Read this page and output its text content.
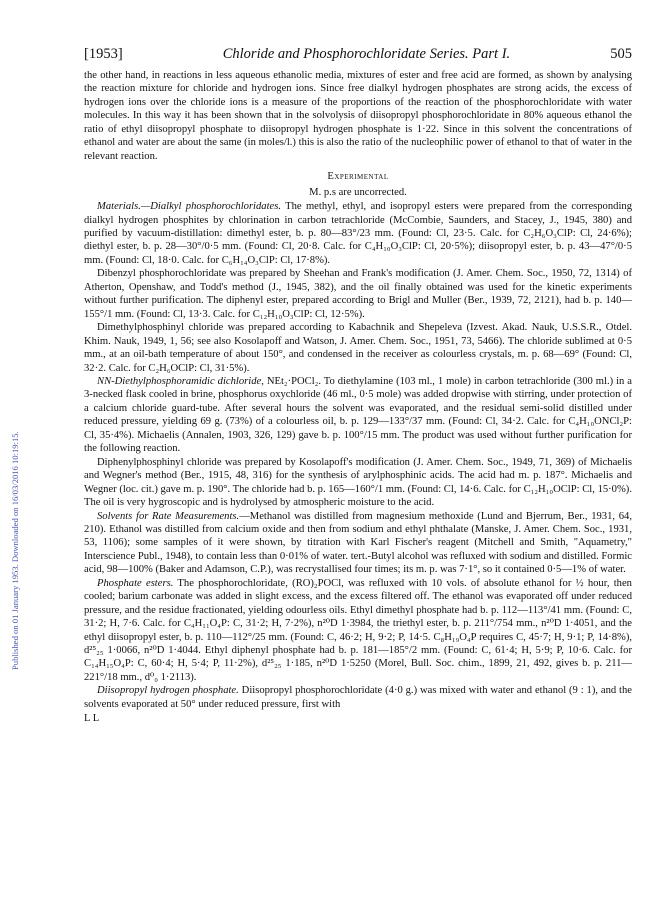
Published on 01 January 1953. Downloaded on 16/03/2016 10:19:15.
[1953]	Chloride and Phosphorochloridate Series. Part I.	505

the other hand, in reactions in less aqueous ethanolic media, mixtures of ester and free acid are formed, as shown by analysing the reaction mixture for chloride and hydrogen ions. Since free dialkyl hydrogen phosphates are strong acids, the excess of hydrogen ions over the chloride ions is a measure of the proportions of the reaction of the phosphorochloridate with water molecules. In this way it has been shown that in the solvolysis of diisopropyl phosphorochloridate in 80% aqueous ethanol the ratio of ethyl diisopropyl phosphate to diisopropyl hydrogen phosphate is 1·22. Since in this solvent the concentrations of ethanol and water are about the same (in moles/l.) this is also the ratio of the nucleophilic power of ethanol to that of water in the relevant reaction.

Experimental
M. p.s are uncorrected.

Materials.—Dialkyl phosphorochloridates. The methyl, ethyl, and isopropyl esters were prepared from the corresponding dialkyl hydrogen phosphites by chlorination in carbon tetrachloride (McCombie, Saunders, and Stacey, J., 1945, 380) and purified by vacuum-distillation: dimethyl ester, b. p. 80—83°/23 mm. (Found: Cl, 23·5. Calc. for C₂H₆O₃ClP: Cl, 24·6%); diethyl ester, b. p. 28—30°/0·5 mm. (Found: Cl, 20·8. Calc. for C₄H₁₀O₃ClP: Cl, 20·5%); diisopropyl ester, b. p. 43—47°/0·5 mm. (Found: Cl, 18·0. Calc. for C₆H₁₄O₃ClP: Cl, 17·8%).

Dibenzyl phosphorochloridate was prepared by Sheehan and Frank's modification (J. Amer. Chem. Soc., 1950, 72, 1314) of Atherton, Openshaw, and Todd's method (J., 1945, 382), and the oil finally obtained was used for the kinetic experiments without further purification. The diphenyl ester, prepared according to Brigl and Muller (Ber., 1939, 72, 2121), had b. p. 140—155°/1 mm. (Found: Cl, 13·3. Calc. for C₁₂H₁₀O₃ClP: Cl, 12·5%).

Dimethylphosphinyl chloride was prepared according to Kabachnik and Shepeleva (Izvest. Akad. Nauk, U.S.S.R., Otdel. Khim. Nauk, 1949, 1, 56; see also Kosolapoff and Watson, J. Amer. Chem. Soc., 1951, 73, 5466). The chloride sublimed at 0·5 mm., at an oil-bath temperature of about 150°, and condensed in the receiver as colourless crystals, m. p. 68—69° (Found: Cl, 32·2. Calc. for C₂H₆OClP: Cl, 31·5%).

NN-Diethylphosphoramidic dichloride, NEt₂·POCl₂. To diethylamine (103 ml., 1 mole) in carbon tetrachloride (300 ml.) in a 3-necked flask cooled in brine, phosphorus oxychloride (46 ml., 0·5 mole) was added dropwise with stirring, under protection of a calcium chloride guard-tube. After several hours the solvent was evaporated, and the residual semi-solid distilled under reduced pressure, yielding 69 g. (73%) of a colourless oil, b. p. 129—133°/37 mm. (Found: Cl, 34·2. Calc. for C₄H₁₀ONCl₂P: Cl, 35·4%). Michaelis (Annalen, 1903, 326, 129) gave b. p. 100°/15 mm. The product was used without further purification for the following reaction.

Diphenylphosphinyl chloride was prepared by Kosolapoff's modification (J. Amer. Chem. Soc., 1949, 71, 369) of Michaelis and Wegner's method (Ber., 1915, 48, 316) for the synthesis of arylphosphinic acids. The acid had m. p. 187°. Michaelis and Wegner (loc. cit.) gave m. p. 190°. The chloride had b. p. 165—160°/1 mm. (Found: Cl, 14·6. Calc. for C₁₂H₁₀OClP: Cl, 15·0%). The oil is very hygroscopic and is hydrolysed by atmospheric moisture to the acid.

Solvents for Rate Measurements.—Methanol was distilled from magnesium methoxide (Lund and Bjerrum, Ber., 1931, 64, 210). Ethanol was distilled from calcium oxide and then from sodium and ethyl phthalate (Manske, J. Amer. Chem. Soc., 1931, 53, 1106); some samples of it were shown, by titration with Karl Fischer's reagent (Mitchell and Smith, "Aquametry," Interscience Publ., 1948), to contain less than 0·01% of water. tert.-Butyl alcohol was refluxed with sodium and distilled. Formic acid, 98—100% (Baker and Adamson, C.P.), was recrystallised four times; its m. p. was 7·1°, so it contained 0·5—1% of water.

Phosphate esters. The phosphorochloridate, (RO)₂POCl, was refluxed with 10 vols. of absolute ethanol for ½ hour, then cooled; barium carbonate was added in slight excess, and the excess filtered off. The ethanol was evaporated off under reduced pressure, and the residue fractionated, yielding odourless oils. Ethyl dimethyl phosphate had b. p. 112—113°/41 mm. (Found: C, 31·2; H, 7·6. Calc. for C₄H₁₁O₄P: C, 31·2; H, 7·2%), n²⁰D 1·3984, the triethyl ester, b. p. 211°/754 mm., n²⁰D 1·4051, and the ethyl diisopropyl ester, b. p. 110—112°/25 mm. (Found: C, 46·2; H, 9·2; P, 14·5. C₈H₁₉O₄P requires C, 45·7; H, 9·1; P, 14·8%), d²⁵₂₅ 1·0066, n²⁰D 1·4044. Ethyl diphenyl phosphate had b. p. 181—185°/2 mm. (Found: C, 61·4; H, 5·9; P, 10·6. Calc. for C₁₄H₁₅O₄P: C, 60·4; H, 5·4; P, 11·2%), d²⁵₂₅ 1·185, n²⁰D 1·5250 (Morel, Bull. Soc. chim., 1899, 21, 492, gives b. p. 211—221°/18 mm., d⁰₀ 1·2113).

Diisopropyl hydrogen phosphate. Diisopropyl phosphorochloridate (4·0 g.) was mixed with water and ethanol (9 : 1), and the solvents evaporated at 50° under reduced pressure, first with

L L
